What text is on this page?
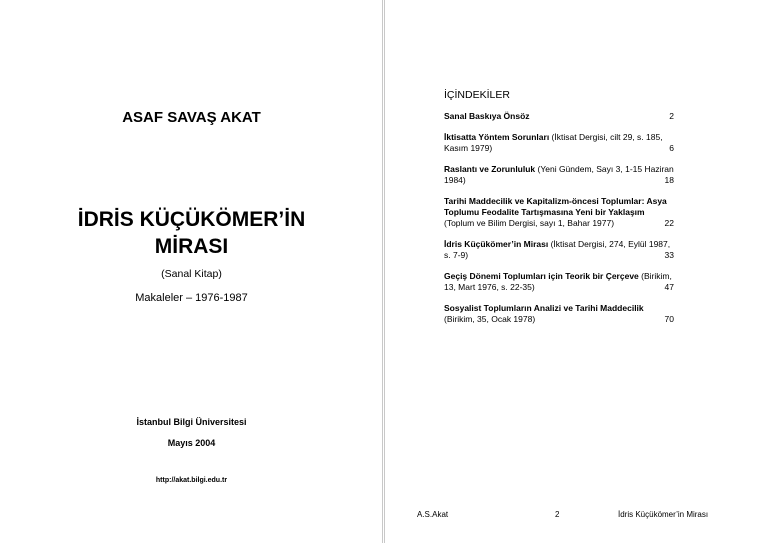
ASAF SAVAŞ AKAT

İDRİS KÜÇÜKÖMER’İN
MİRASI

(Sanal Kitap)

Makaleler – 1976-1987

İstanbul Bilgi Üniversitesi

Mayıs 2004

http://akat.bilgi.edu.tr

İÇİNDEKİLER

Sanal Baskıya Önsöz	2
İktisatta Yöntem Sorunları (İktisat Dergisi, cilt 29, s. 185, Kasım 1979)	6
Raslantı ve Zorunluluk (Yeni Gündem, Sayı 3, 1-15 Haziran 1984)	18
Tarihi Maddecilik ve Kapitalizm-öncesi Toplumlar: Asya Toplumu Feodalite Tartışmasına Yeni bir Yaklaşım (Toplum ve Bilim Dergisi, sayı 1, Bahar 1977)	22
İdris Küçükömer’in Mirası (İktisat Dergisi, 274, Eylül 1987, s. 7-9)	33
Geçiş Dönemi Toplumları için Teorik bir Çerçeve (Birikim, 13, Mart 1976, s. 22-35)	47
Sosyalist Toplumların Analizi ve Tarihi Maddecilik (Birikim, 35, Ocak 1978)	70
A.S.Akat	2	İdris Küçükömer’in Mirası
